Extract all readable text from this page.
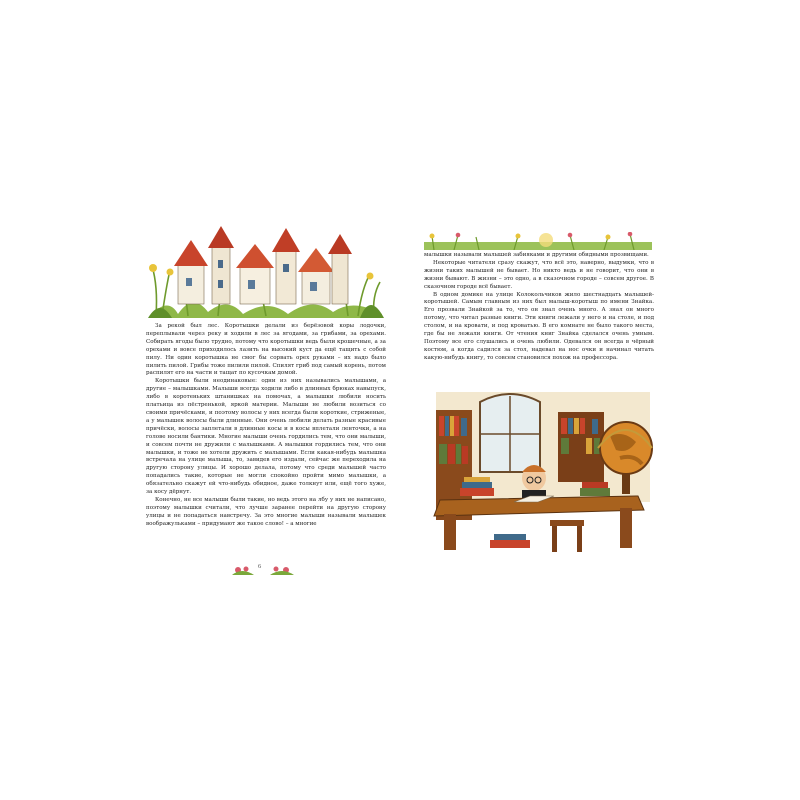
За рекой был лес. Коротышки делали из берёзовой коры лодочки, переплывали через реку и ходили в лес за ягодами, за грибами, за орехами. Собирать ягоды было трудно, потому что коротышки ведь были крошечные, а за орехами и вовсе приходилось лазить на высокий куст да ещё тащить с собой пилу. Ни один коротышка не смог бы сорвать орех руками – их надо было пилить пилой. Грибы тоже пилили пилой. Спилят гриб под самый корень, потом распилят его на части и тащат по кусочкам домой.

Коротышки были неодинаковые: одни из них назывались малышами, а другие – малышками. Малыши всегда ходили либо в длинных брюках навыпуск, либо в коротеньких штанишках на помочах, а малышки любили носить платьица из пёстренькой, яркой материи. Малыши не любили возиться со своими причёсками, и поэтому волосы у них всегда были короткие, стриженые, а у малышек волосы были длинные. Они очень любили делать разные красивые причёски, волосы заплетали в длинные косы и в косы вплетали ленточки, а на голове носили бантики. Многие малыши очень гордились тем, что они малыши, и совсем почти не дружили с малышками. А малышки гордились тем, что они малышки, и тоже не хотели дружить с малышами. Если какая-нибудь малышка встречала на улице малыша, то, завидев его издали, сейчас же переходила на другую сторону улицы. И хорошо делала, потому что среди малышей часто попадались такие, которые не могли спокойно пройти мимо малышки, а обязательно скажут ей что-нибудь обидное, даже толкнут или, ещё того хуже, за косу дёрнут.

Конечно, не все малыши были такие, но ведь этого на лбу у них не написано, поэтому малышки считали, что лучше заранее перейти на другую сторону улицы и не попадаться навстречу. За это многие малыши называли малышек воображульками – придумают же такое слово! – а многие

6

малышки называли малышей забияками и другими обидными прозвищами.

Некоторые читатели сразу скажут, что всё это, наверно, выдумки, что в жизни таких малышей не бывает. Но никто ведь и не говорит, что они в жизни бывают. В жизни – это одно, а в сказочном городе – совсем другое. В сказочном городе всё бывает.

В одном домике на улице Колокольчиков жило шестнадцать малышей-коротышей. Самым главным из них был малыш-коротыш по имени Знайка. Его прозвали Знайкой за то, что он знал очень много. А знал он много потому, что читал разные книги. Эти книги лежали у него и на столе, и под столом, и на кровати, и под кроватью. В его комнате не было такого места, где бы не лежали книги. От чтения книг Знайка сделался очень умным. Поэтому все его слушались и очень любили. Одевался он всегда в чёрный костюм, а когда садился за стол, надевал на нос очки и начинал читать какую-нибудь книгу, то совсем становился похож на профессора.
